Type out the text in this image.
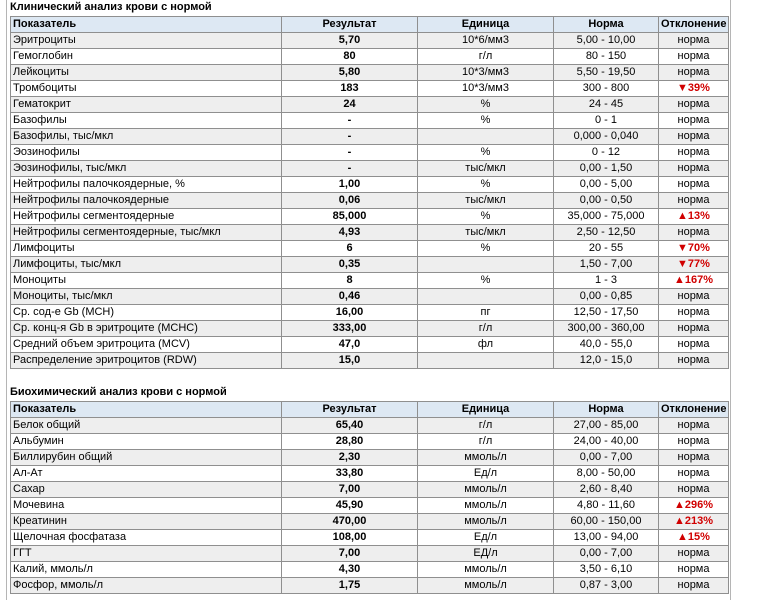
Клинический анализ крови с нормой
Показатель	Результат	Единица	Норма	Отклонение
Эритроциты	5,70	10*6/мм3	5,00 - 10,00	норма
Гемоглобин	80	г/л	80 - 150	норма
Лейкоциты	5,80	10*3/мм3	5,50 - 19,50	норма
Тромбоциты	183	10*3/мм3	300 - 800	▼39%
Гематокрит	24	%	24 - 45	норма
Базофилы	-	%	0 - 1	норма
Базофилы, тыс/мкл	-		0,000 - 0,040	норма
Эозинофилы	-	%	0 - 12	норма
Эозинофилы, тыс/мкл	-	тыс/мкл	0,00 - 1,50	норма
Нейтрофилы палочкоядерные, %	1,00	%	0,00 - 5,00	норма
Нейтрофилы палочкоядерные	0,06	тыс/мкл	0,00 - 0,50	норма
Нейтрофилы сегментоядерные	85,000	%	35,000 - 75,000	▲13%
Нейтрофилы сегментоядерные, тыс/мкл	4,93	тыс/мкл	2,50 - 12,50	норма
Лимфоциты	6	%	20 - 55	▼70%
Лимфоциты, тыс/мкл	0,35		1,50 - 7,00	▼77%
Моноциты	8	%	1 - 3	▲167%
Моноциты, тыс/мкл	0,46		0,00 - 0,85	норма
Ср. сод-е Gb (MCH)	16,00	пг	12,50 - 17,50	норма
Ср. конц-я Gb в эритроците (MCHC)	333,00	г/л	300,00 - 360,00	норма
Средний объем эритроцита (MCV)	47,0	фл	40,0 - 55,0	норма
Распределение эритроцитов (RDW)	15,0		12,0 - 15,0	норма
Биохимический анализ крови с нормой
Показатель	Результат	Единица	Норма	Отклонение
Белок общий	65,40	г/л	27,00 - 85,00	норма
Альбумин	28,80	г/л	24,00 - 40,00	норма
Биллирубин общий	2,30	ммоль/л	0,00 - 7,00	норма
Ал-Ат	33,80	Ед/л	8,00 - 50,00	норма
Сахар	7,00	ммоль/л	2,60 - 8,40	норма
Мочевина	45,90	ммоль/л	4,80 - 11,60	▲296%
Креатинин	470,00	ммоль/л	60,00 - 150,00	▲213%
Щелочная фосфатаза	108,00	Ед/л	13,00 - 94,00	▲15%
ГГТ	7,00	ЕД/л	0,00 - 7,00	норма
Калий, ммоль/л	4,30	ммоль/л	3,50 - 6,10	норма
Фосфор, ммоль/л	1,75	ммоль/л	0,87 - 3,00	норма
